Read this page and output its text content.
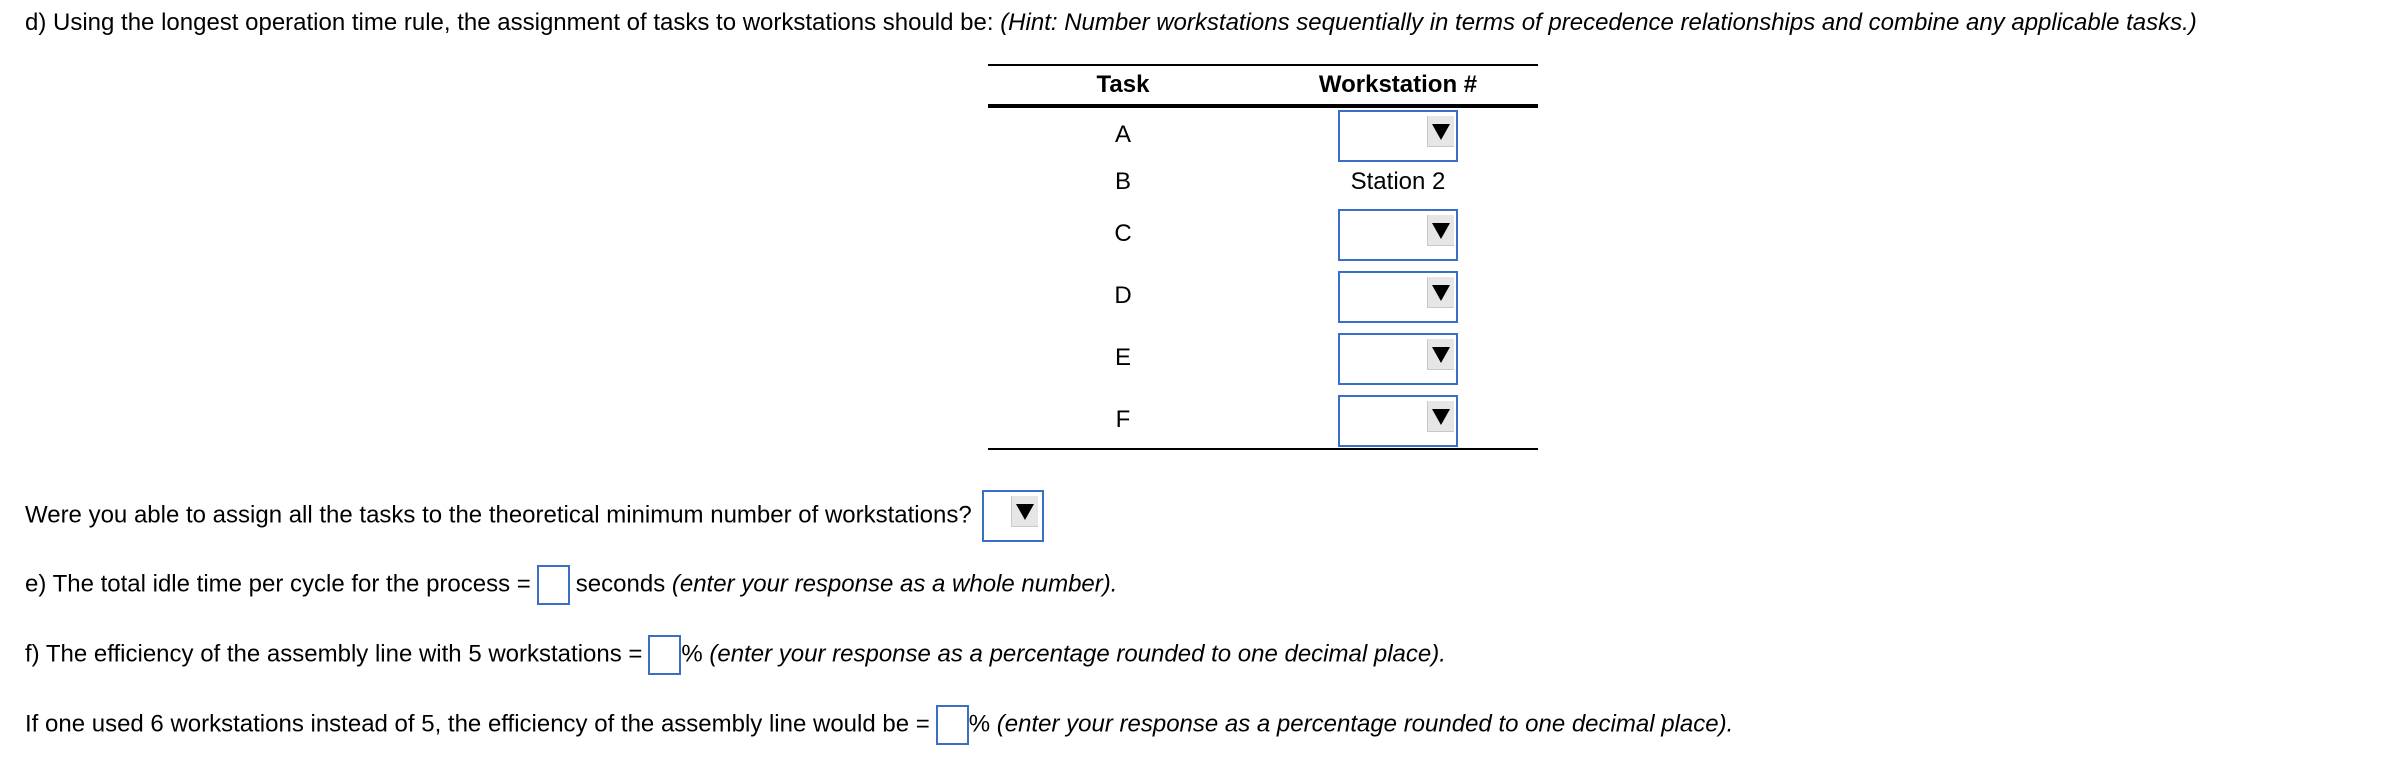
d) Using the longest operation time rule, the assignment of tasks to workstations should be: (Hint: Number workstations sequentially in terms of precedence relationships and combine any applicable tasks.)
Task	Workstation #
A
B	Station 2
C
D
E
F
Were you able to assign all the tasks to the theoretical minimum number of workstations?
e) The total idle time per cycle for the process = seconds (enter your response as a whole number).
f) The efficiency of the assembly line with 5 workstations = % (enter your response as a percentage rounded to one decimal place).
If one used 6 workstations instead of 5, the efficiency of the assembly line would be = % (enter your response as a percentage rounded to one decimal place).
